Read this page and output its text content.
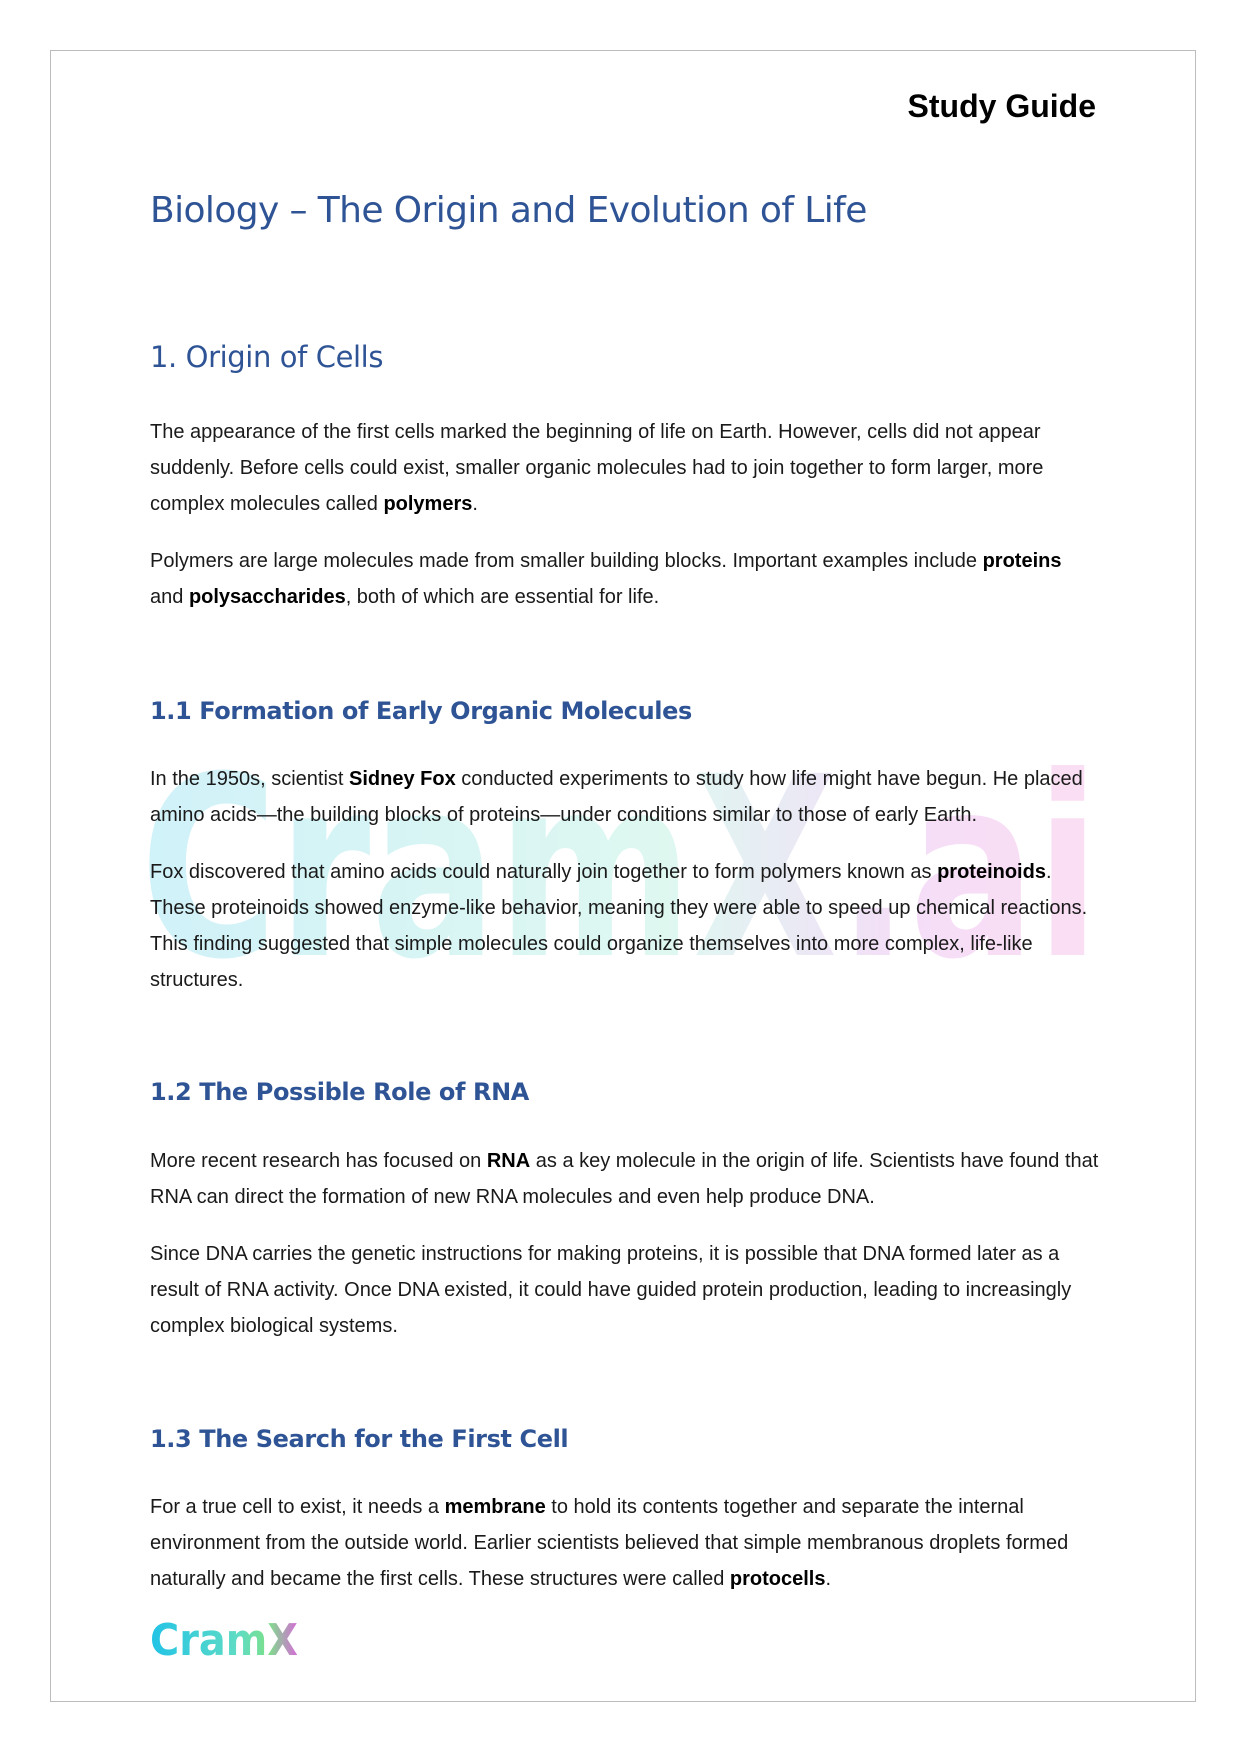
CramX.ai
Study Guide
Biology – The Origin and Evolution of Life
1. Origin of Cells

The appearance of the first cells marked the beginning of life on Earth. However, cells did not appear suddenly. Before cells could exist, smaller organic molecules had to join together to form larger, more complex molecules called polymers.

Polymers are large molecules made from smaller building blocks. Important examples include proteins and polysaccharides, both of which are essential for life.

1.1 Formation of Early Organic Molecules

In the 1950s, scientist Sidney Fox conducted experiments to study how life might have begun. He placed amino acids—the building blocks of proteins—under conditions similar to those of early Earth.

Fox discovered that amino acids could naturally join together to form polymers known as proteinoids. These proteinoids showed enzyme-like behavior, meaning they were able to speed up chemical reactions. This finding suggested that simple molecules could organize themselves into more complex, life-like structures.

1.2 The Possible Role of RNA

More recent research has focused on RNA as a key molecule in the origin of life. Scientists have found that RNA can direct the formation of new RNA molecules and even help produce DNA.

Since DNA carries the genetic instructions for making proteins, it is possible that DNA formed later as a result of RNA activity. Once DNA existed, it could have guided protein production, leading to increasingly complex biological systems.

1.3 The Search for the First Cell

For a true cell to exist, it needs a membrane to hold its contents together and separate the internal environment from the outside world. Earlier scientists believed that simple membranous droplets formed naturally and became the first cells. These structures were called protocells.

CramX
